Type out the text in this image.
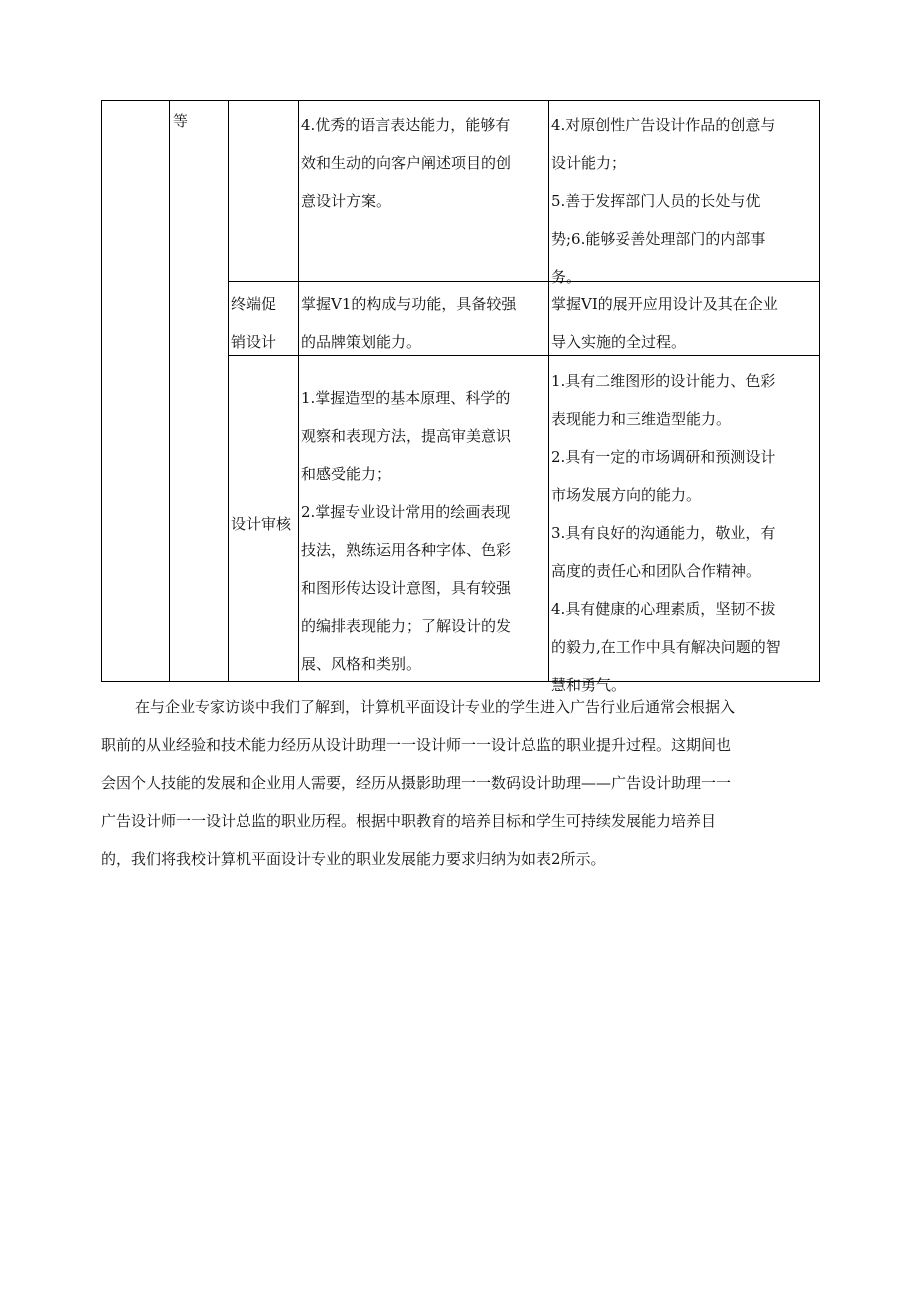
等	4.优秀的语言表达能力，能够有

效和生动的向客户阐述项目的创

意设计方案。

4.对原创性广告设计作品的创意与

设计能力；

5.善于发挥部门人员的长处与优

势;6.能够妥善处理部门的内部事

务。

终端促

销设计

掌握V1的构成与功能，具备较强

的品牌策划能力。

掌握VI的展开应用设计及其在企业

导入实施的全过程。

设计审核

1.掌握造型的基本原理、科学的

观察和表现方法，提高审美意识

和感受能力；

2.掌握专业设计常用的绘画表现

技法，熟练运用各种字体、色彩

和图形传达设计意图，具有较强

的编排表现能力；了解设计的发

展、风格和类别。

1.具有二维图形的设计能力、色彩

表现能力和三维造型能力。

2.具有一定的市场调研和预测设计

市场发展方向的能力。

3.具有良好的沟通能力，敬业，有

高度的责任心和团队合作精神。

4.具有健康的心理素质，坚韧不拔

的毅力,在工作中具有解决问题的智

慧和勇气。

在与企业专家访谈中我们了解到，计算机平面设计专业的学生进入广告行业后通常会根据入

职前的从业经验和技术能力经历从设计助理一一设计师一一设计总监的职业提升过程。这期间也

会因个人技能的发展和企业用人需要，经历从摄影助理一一数码设计助理——广告设计助理一一

广告设计师一一设计总监的职业历程。根据中职教育的培养目标和学生可持续发展能力培养目

的，我们将我校计算机平面设计专业的职业发展能力要求归纳为如表2所示。
